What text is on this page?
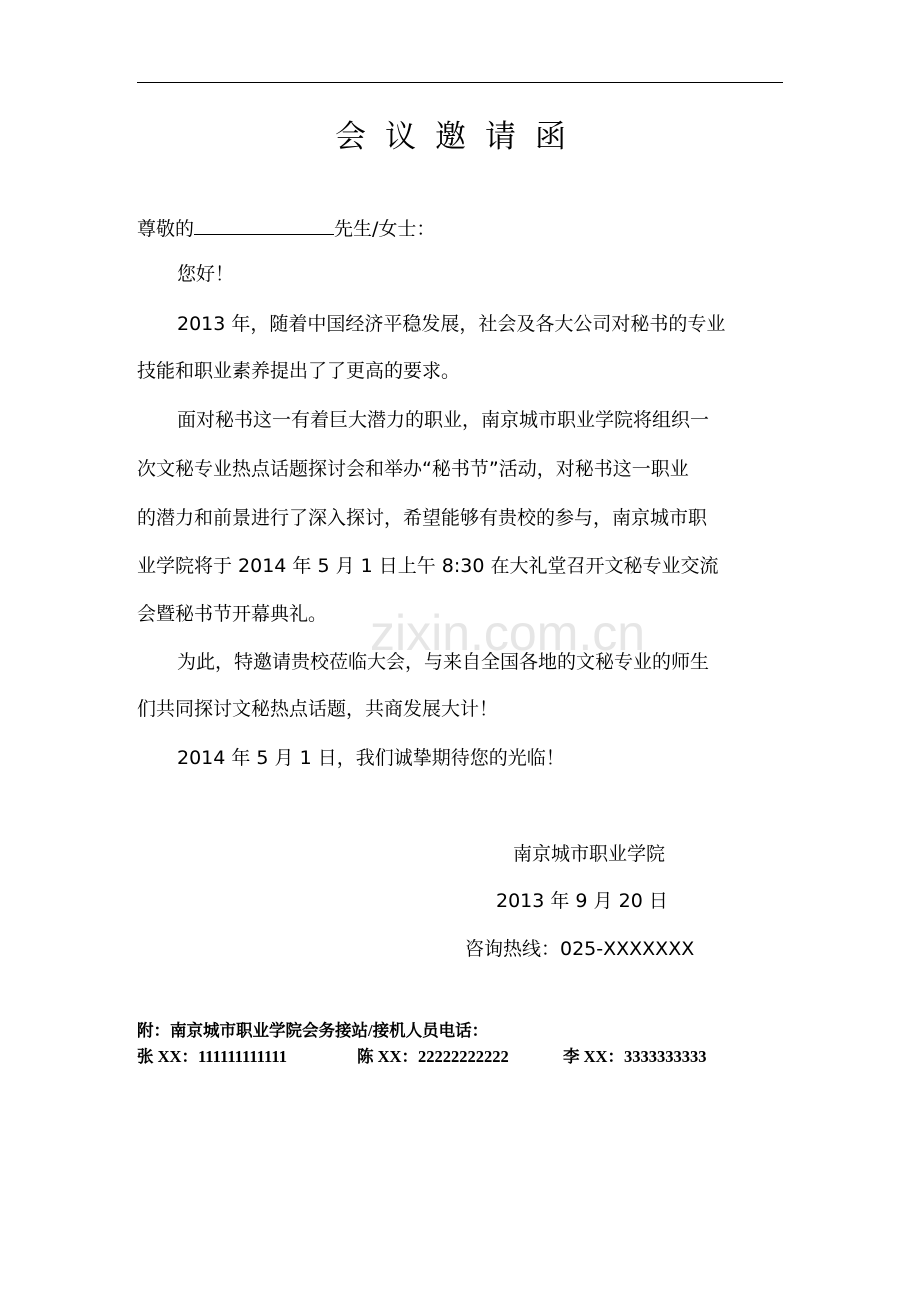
zixin.com.cn
会议邀请函
尊敬的	先生/女士：
您好！
2013 年，随着中国经济平稳发展，社会及各大公司对秘书的专业
技能和职业素养提出了了更高的要求。
面对秘书这一有着巨大潜力的职业，南京城市职业学院将组织一
次文秘专业热点话题探讨会和举办“秘书节”活动，对秘书这一职业
的潜力和前景进行了深入探讨，希望能够有贵校的参与，南京城市职
业学院将于 2014 年 5 月 1 日上午 8:30 在大礼堂召开文秘专业交流
会暨秘书节开幕典礼。
为此，特邀请贵校莅临大会，与来自全国各地的文秘专业的师生
们共同探讨文秘热点话题，共商发展大计！
2014 年 5 月 1 日，我们诚挚期待您的光临！
南京城市职业学院
2013 年 9 月 20 日
咨询热线：025-XXXXXXX
附：南京城市职业学院会务接站/接机人员电话：
张 XX：111111111111	陈 XX：22222222222	李 XX：3333333333
